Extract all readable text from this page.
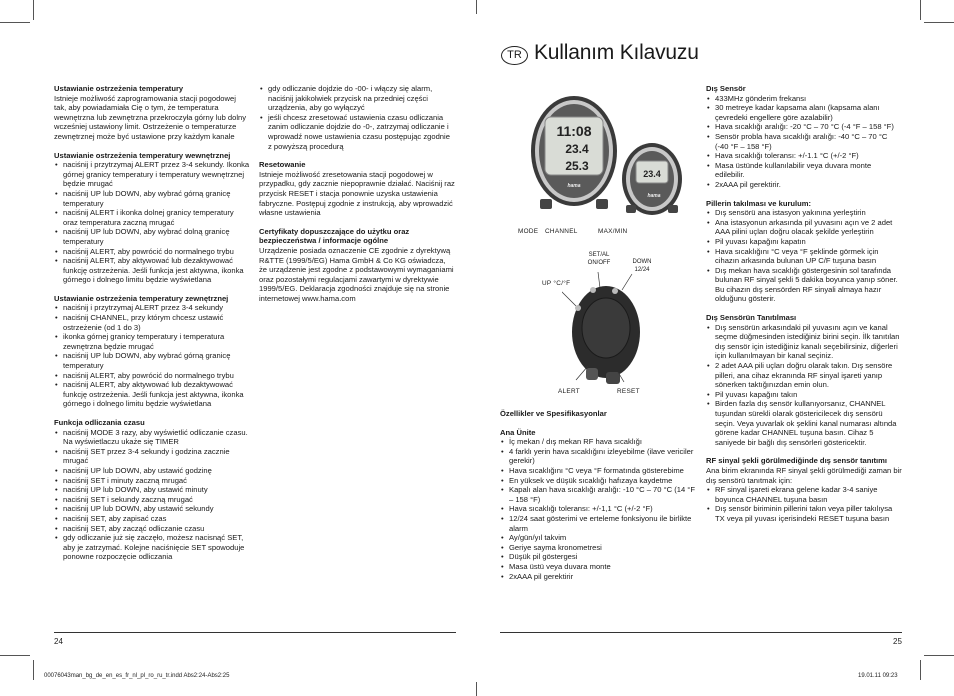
TR Kullanım Kılavuzu
Ustawianie ostrzeżenia temperatury

Istnieje możliwość zaprogramowania stacji pogodowej tak, aby powiadamiała Cię o tym, że temperatura wewnętrzna lub zewnętrzna przekroczyła górny lub dolny wcześniej ustawiony limit. Ostrzeżenie o temperaturze zewnętrznej może być ustawione przy każdym kanale

Ustawianie ostrzeżenia temperatury wewnętrznej
• naciśnij i przytrzymaj ALERT przez 3-4 sekundy. Ikonka górnej granicy temperatury i temperatury wewnętrznej będzie mrugać
• naciśnij UP lub DOWN, aby wybrać górną granicę temperatury
• naciśnij ALERT i ikonka dolnej granicy temperatury oraz temperatura zaczną mrugać
• naciśnij UP lub DOWN, aby wybrać dolną granicę temperatury
• naciśnij ALERT, aby powrócić do normalnego trybu
• naciśnij ALERT, aby aktywować lub dezaktywować funkcję ostrzeżenia. Jeśli funkcja jest aktywna, ikonka górnego i dolnego limitu będzie wyświetlana
Ustawianie ostrzeżenia temperatury zewnętrznej
• naciśnij i przytrzymaj ALERT przez 3-4 sekundy
• naciśnij CHANNEL, przy którym chcesz ustawić ostrzeżenie (od 1 do 3)
• ikonka górnej granicy temperatury i temperatura zewnętrzna będzie mrugać
• naciśnij UP lub DOWN, aby wybrać górną granicę temperatury
• naciśnij ALERT, aby powrócić do normalnego trybu
• naciśnij ALERT, aby aktywować lub dezaktywować funkcję ostrzeżenia. Jeśli funkcja jest aktywna, ikonka górnego i dolnego limitu będzie wyświetlana
Funkcja odliczania czasu
• naciśnij MODE 3 razy, aby wyświetlić odliczanie czasu. Na wyświetlaczu ukaże się TIMER
• naciśnij SET przez 3-4 sekundy i godzina zacznie mrugać
• naciśnij UP lub DOWN, aby ustawić godzinę
• naciśnij SET i minuty zaczną mrugać
• naciśnij UP lub DOWN, aby ustawić minuty
• naciśnij SET i sekundy zaczną mrugać
• naciśnij UP lub DOWN, aby ustawić sekundy
• naciśnij SET, aby zapisać czas
• naciśnij SET, aby zacząć odliczanie czasu
• gdy odliczanie już się zaczęło, możesz nacisnąć SET, aby je zatrzymać. Kolejne naciśnięcie SET spowoduje ponowne rozpoczęcie odliczania
• gdy odliczanie dojdzie do -00- i włączy się alarm, naciśnij jakikolwiek przycisk na przedniej części urządzenia, aby go wyłączyć
• jeśli chcesz zresetować ustawienia czasu odliczania zanim odliczanie dojdzie do -0-, zatrzymaj odliczanie i wprowadź nowe ustawienia czasu postępując zgodnie z powyższą procedurą
Resetowanie

Istnieje możliwość zresetowania stacji pogodowej w przypadku, gdy zacznie niepoprawnie działać. Naciśnij raz przycisk RESET i stacja ponownie uzyska ustawienia fabryczne. Postępuj zgodnie z instrukcją, aby wprowadzić własne ustawienia

Certyfikaty dopuszczające do użytku oraz bezpieczeństwa / informacje ogólne

Urządzenie posiada oznaczenie CE zgodnie z dyrektywą R&TTE (1999/5/EG) Hama GmbH & Co KG oświadcza, że urządzenie jest zgodne z podstawowymi wymaganiami oraz pozostałymi regulacjami zawartymi w dyrektywie 1999/5/EG. Deklaracja zgodności znajduje się na stronie internetowej www.hama.com

Özellikler ve Spesifikasyonlar
Ana Ünite
• İç mekan / dış mekan RF hava sıcaklığı
• 4 farklı yerin hava sıcaklığını izleyebilme (ilave vericiler gerekir)
• Hava sıcaklığını °C veya °F formatında gösterebime
• En yüksek ve düşük sıcaklığı hafızaya kaydetme
• Kapalı alan hava sıcaklığı aralığı: -10 °C – 70 °C (14 °F – 158 °F)
• Hava sıcaklığı toleransı: +/-1,1 °C (+/-2 °F)
• 12/24 saat gösterimi ve erteleme fonksiyonu ile birlikte alarm
• Ay/gün/yıl takvim
• Geriye sayma kronometresi
• Düşük pil göstergesi
• Masa üstü veya duvara monte
• 2xAAA pil gerektirir
Dış Sensör
• 433MHz gönderim frekansı
• 30 metreye kadar kapsama alanı (kapsama alanı çevredeki engellere göre azalabilir)
• Hava sıcaklığı aralığı: -20 °C – 70 °C (-4 °F – 158 °F)
• Sensör probla hava sıcaklığı aralığı: -40 °C – 70 °C (-40 °F – 158 °F)
• Hava sıcaklığı toleransı: +/-1.1 °C (+/-2 °F)
• Masa üstünde kullanılabilir veya duvara monte edilebilir.
• 2xAAA pil gerektirir.
Pillerin takılması ve kurulum:
• Dış sensörü ana istasyon yakınına yerleştirin
• Ana istasyonun arkasında pil yuvasını açın ve 2 adet AAA pilini uçları doğru olacak şekilde yerleştirin
• Pil yuvası kapağını kapatın
• Hava sıcaklığını °C veya °F şeklinde görmek için cihazın arkasında bulunan UP C/F tuşuna basın
• Dış mekan hava sıcaklığı göstergesinin sol tarafında bulunan RF sinyal şekli 5 dakika boyunca yanıp söner. Bu cihazın dış sensörden RF sinyali almaya hazır olduğunu gösterir.
Dış Sensörün Tanıtılması
• Dış sensörün arkasındaki pil yuvasını açın ve kanal seçme düğmesinden istediğiniz birini seçin. İlk tanıtılan dış sensör için istediğiniz kanalı seçebilirsiniz, diğerleri için kullanılmayan bir kanal seçiniz.
• 2 adet AAA pili uçları doğru olarak takın. Dış sensöre pilleri, ana cihaz ekranında RF sinyal işareti yanıp sönerken taktığınızdan emin olun.
• Pil yuvası kapağını takın
• Birden fazla dış sensör kullanıyorsanız, CHANNEL tuşundan sürekli olarak göstericilecek dış sensörü seçin. Veya yuvarlak ok şeklini kanal numarası altında görene kadar CHANNEL tuşuna basın. Cihaz 5 saniyede bir bağlı dış sensörleri göstericektir.
RF sinyal şekli görülmediğinde dış sensör tanıtımı

Ana birim ekranında RF sinyal şekli görülmediği zaman bir dış sensörü tanıtmak için:

• RF sinyal işareti ekrana gelene kadar 3-4 saniye boyunca CHANNEL tuşuna basın
• Dış sensör biriminin pillerini takın veya piller takılıysa TX veya pil yuvası içerisindeki RESET tuşuna basın
11:08
23.4
25.3
hama
23.4
hama
MODE CHANNEL	MAX/MIN
SET/AL
ON/OFF	DOWN
12/24
UP °C/°F
ALERT	RESET
24	25
00076043man_bg_de_en_es_fr_nl_pl_ro_ru_tr.indd Abs2:24-Abs2:25	19.01.11 09:23
